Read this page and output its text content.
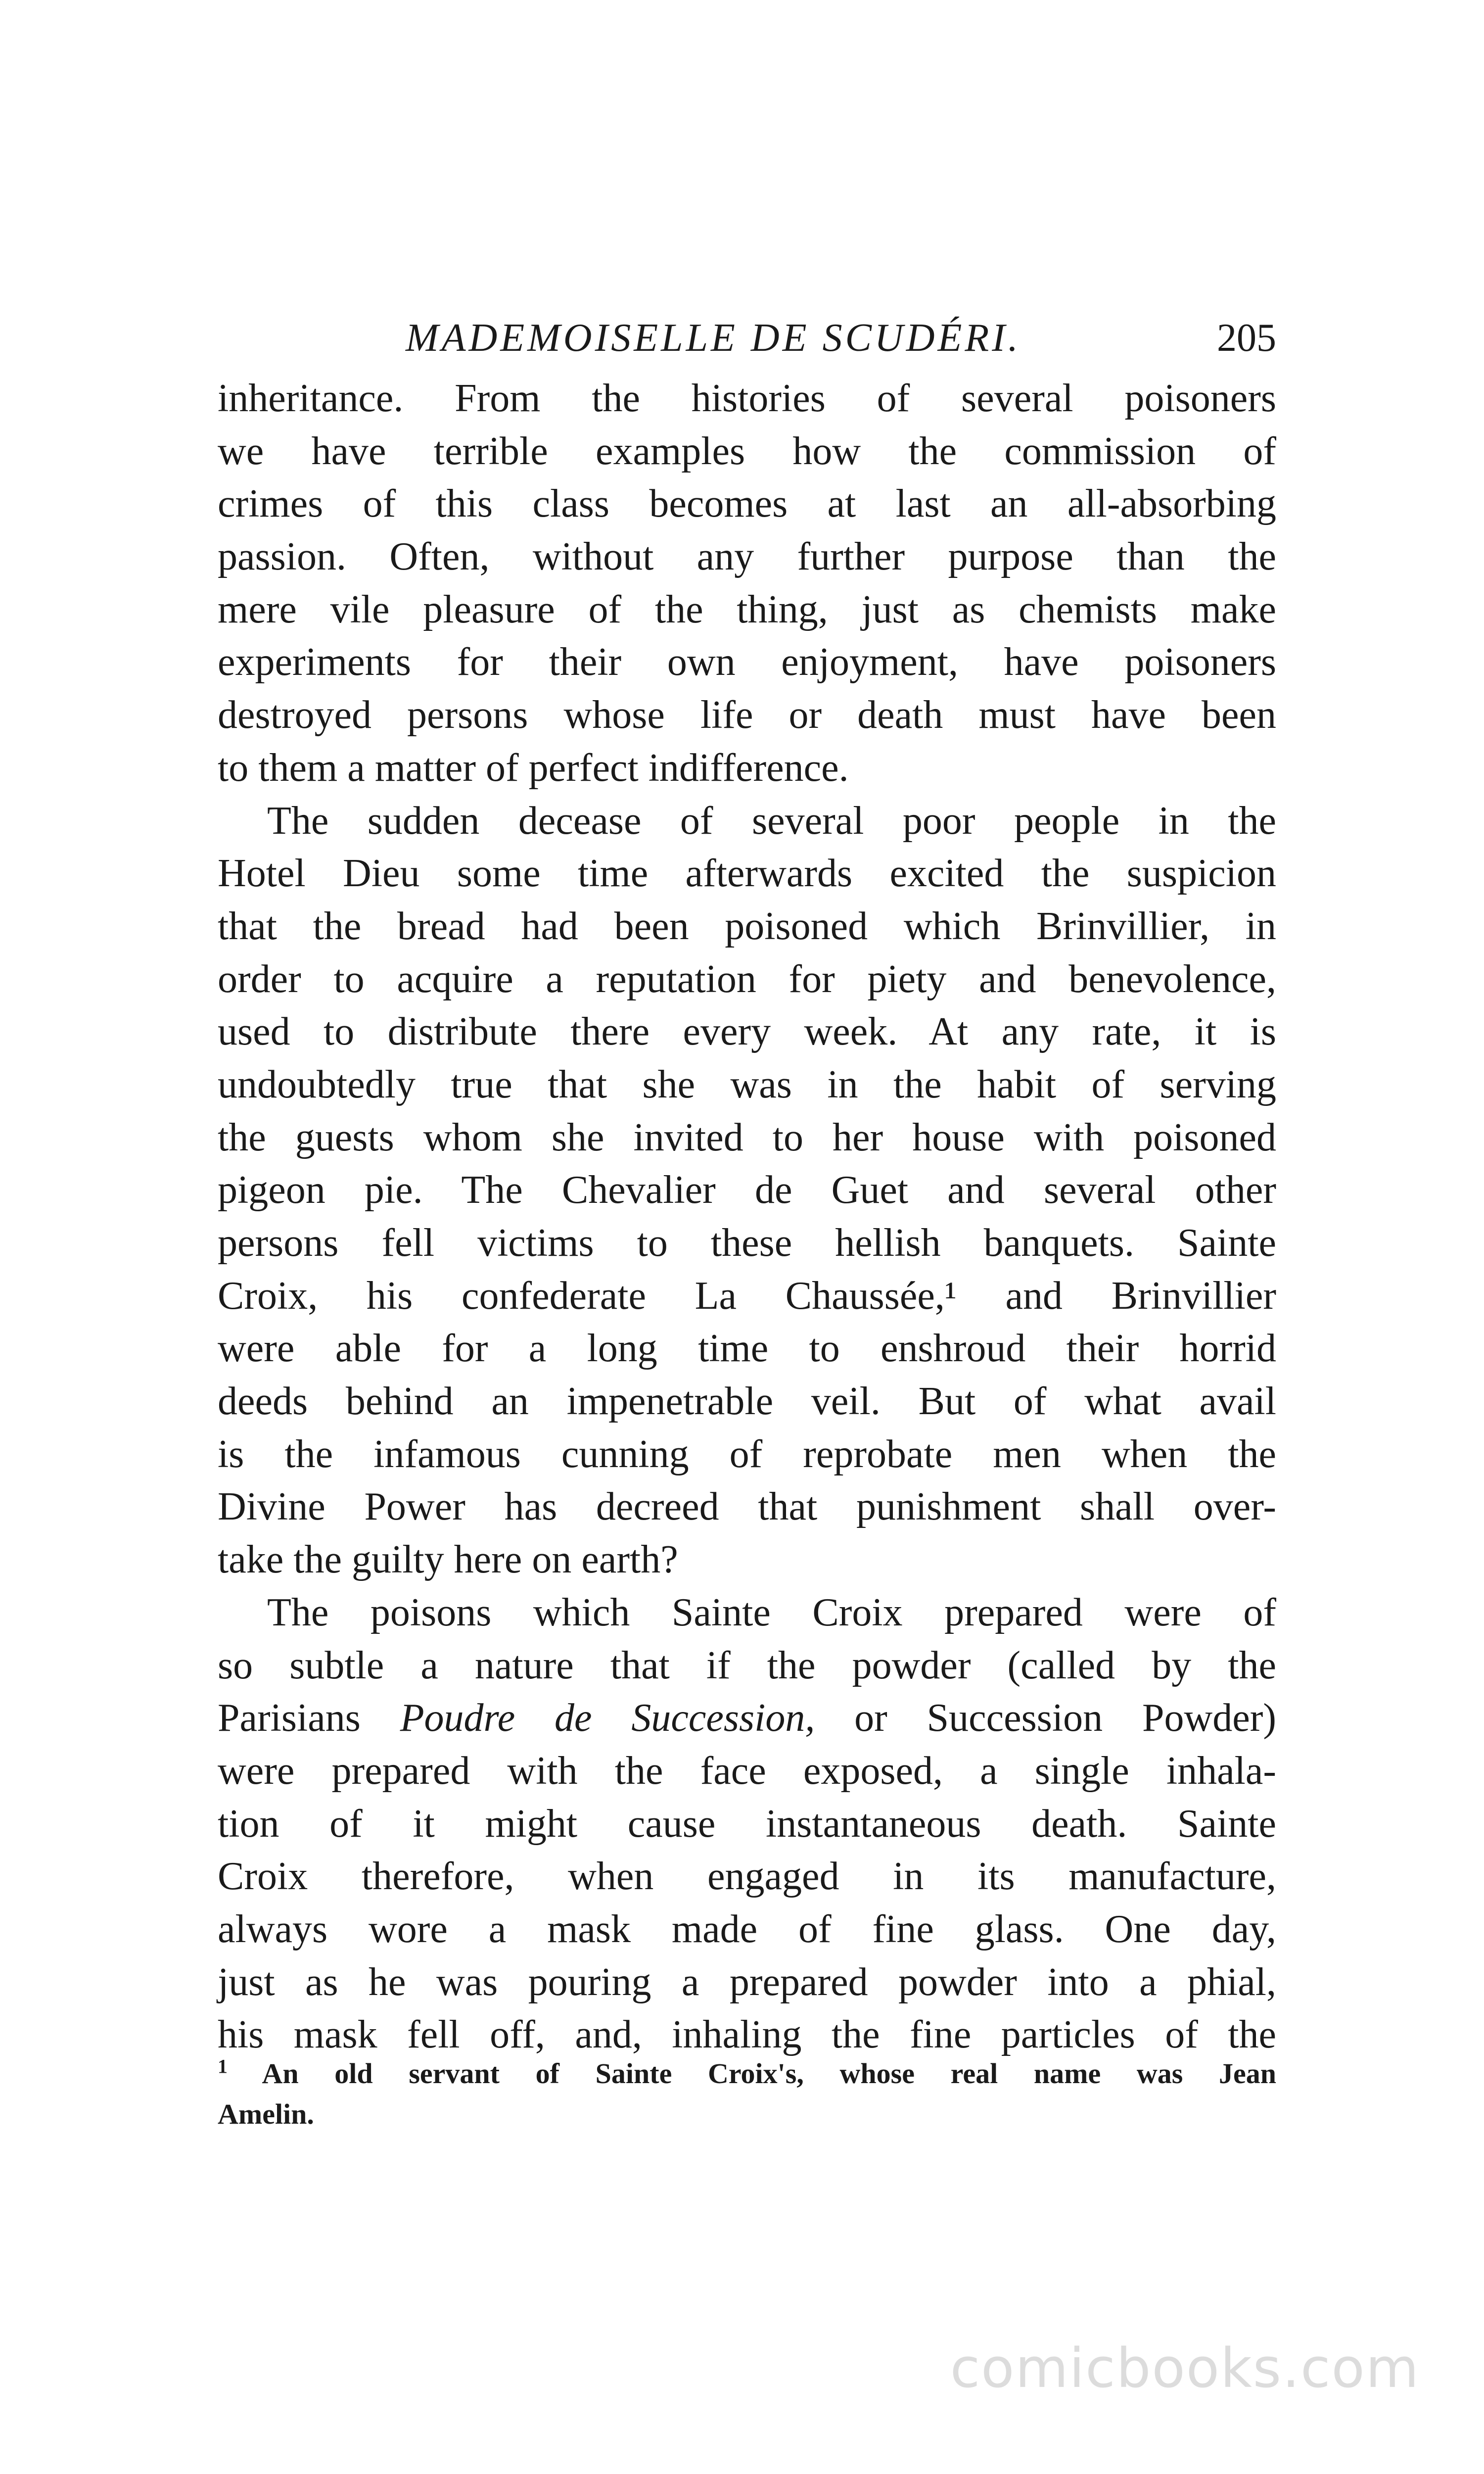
MADEMOISELLE DE SCUDÉRI.	205

inheritance. From the histories of several poisoners
we have terrible examples how the commission of
crimes of this class becomes at last an all-absorbing
passion. Often, without any further purpose than the
mere vile pleasure of the thing, just as chemists make
experiments for their own enjoyment, have poisoners
destroyed persons whose life or death must have been
to them a matter of perfect indifference.

The sudden decease of several poor people in the
Hotel Dieu some time afterwards excited the suspicion
that the bread had been poisoned which Brinvillier, in
order to acquire a reputation for piety and benevolence,
used to distribute there every week. At any rate, it is
undoubtedly true that she was in the habit of serving
the guests whom she invited to her house with poisoned
pigeon pie. The Chevalier de Guet and several other
persons fell victims to these hellish banquets. Sainte
Croix, his confederate La Chaussée,¹ and Brinvillier
were able for a long time to enshroud their horrid
deeds behind an impenetrable veil. But of what avail
is the infamous cunning of reprobate men when the
Divine Power has decreed that punishment shall over-
take the guilty here on earth?

The poisons which Sainte Croix prepared were of
so subtle a nature that if the powder (called by the
Parisians Poudre de Succession, or Succession Powder)
were prepared with the face exposed, a single inhala-
tion of it might cause instantaneous death. Sainte
Croix therefore, when engaged in its manufacture,
always wore a mask made of fine glass. One day,
just as he was pouring a prepared powder into a phial,
his mask fell off, and, inhaling the fine particles of the

$^1$ An old servant of Sainte Croix's, whose real name was Jean
Amelin.
comicbooks.com
